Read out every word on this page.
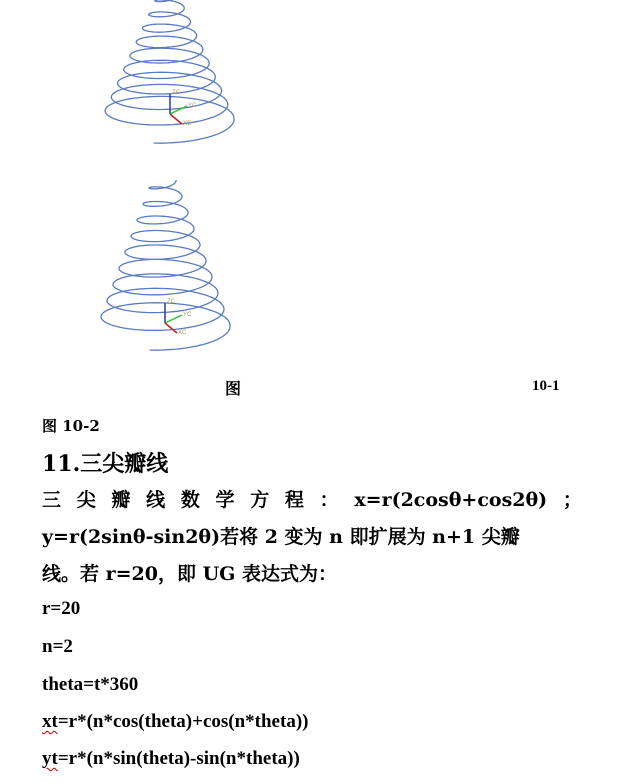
ZC
YC
XC
ZC
YC
XC
图	10-1
图 10-2
11.三尖瓣线
三 尖 瓣 线 数 学 方 程 ： x=r(2cosθ+cos2θ) ；
y=r(2sinθ-sin2θ)若将 2 变为 n 即扩展为 n+1 尖瓣
线。若 r=20，即 UG 表达式为：
r=20
n=2
theta=t*360
xt=r*(n*cos(theta)+cos(n*theta))
yt=r*(n*sin(theta)-sin(n*theta))
